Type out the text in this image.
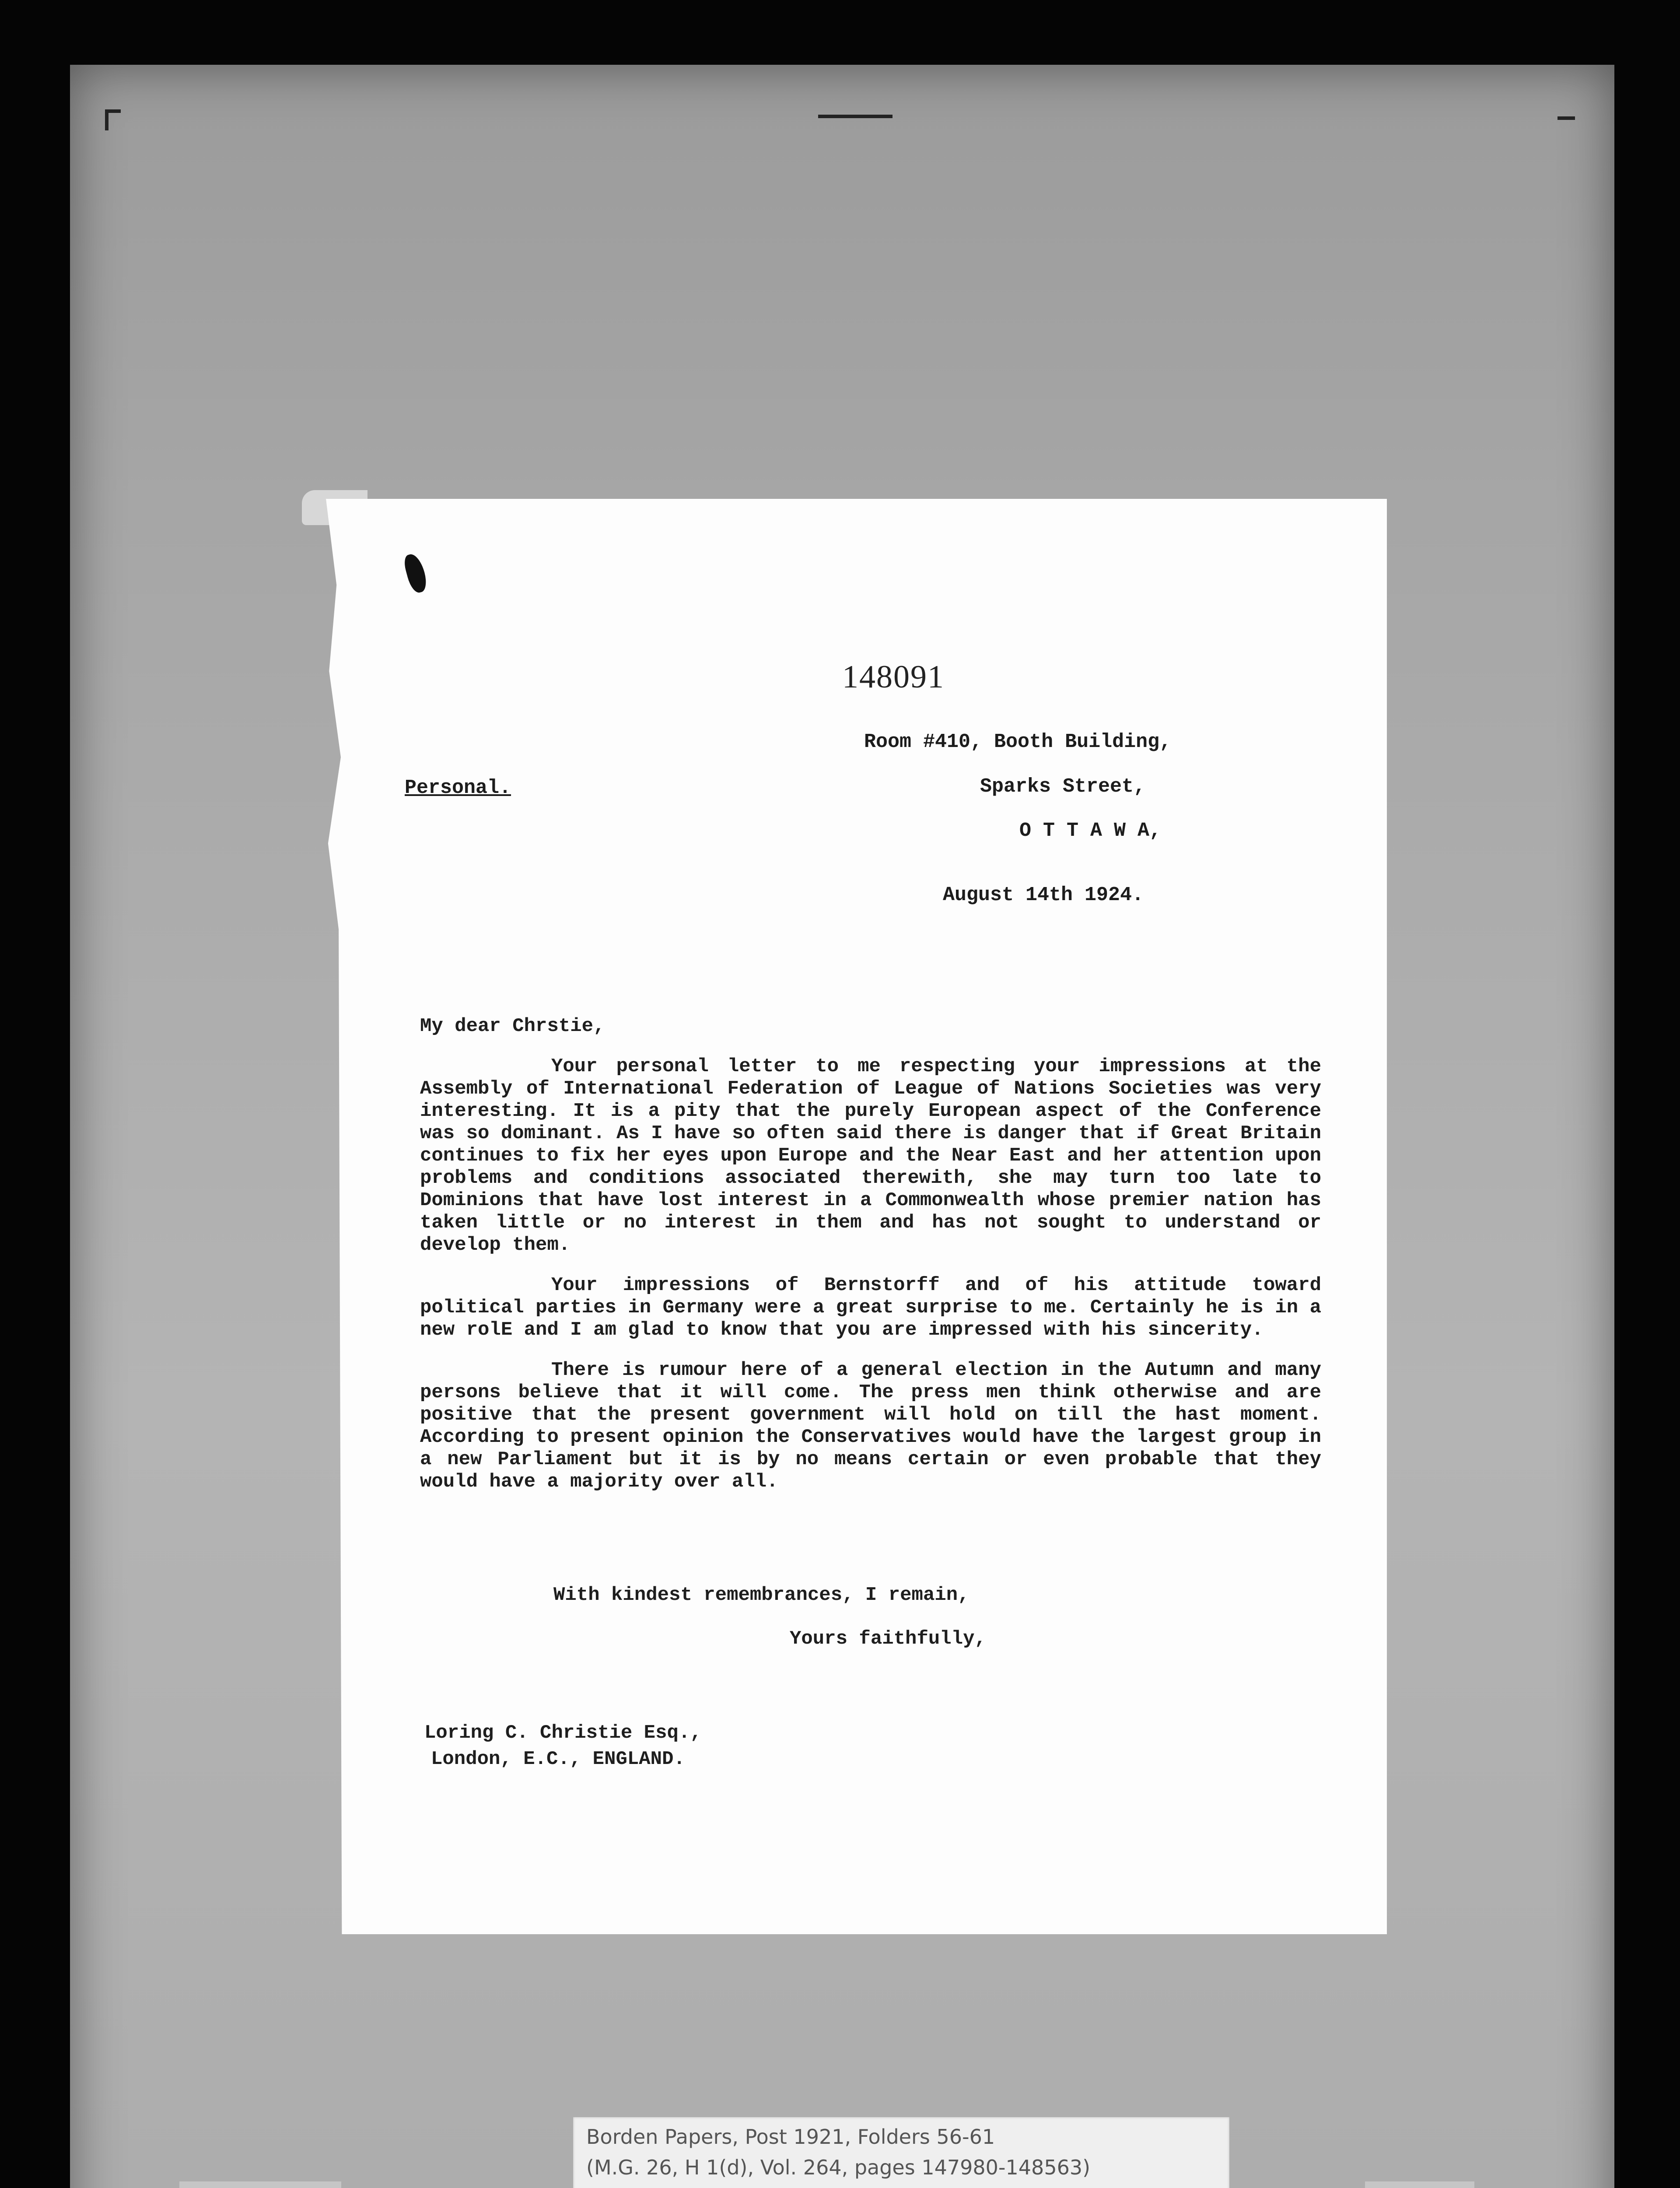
148091
Room #410, Booth Building,
Sparks Street,
O T T A W A,
Personal.
August 14th 1924.

My dear Chrstie,

Your personal letter to me respecting your impressions at the Assembly of International Federation of League of Nations Societies was very interesting. It is a pity that the purely European aspect of the Conference was so dominant. As I have so often said there is danger that if Great Britain continues to fix her eyes upon Europe and the Near East and her attention upon problems and conditions associated therewith, she may turn too late to Dominions that have lost interest in a Commonwealth whose premier nation has taken little or no interest in them and has not sought to understand or develop them.

Your impressions of Bernstorff and of his attitude toward political parties in Germany were a great surprise to me. Certainly he is in a new rolE and I am glad to know that you are impressed with his sincerity.

There is rumour here of a general election in the Autumn and many persons believe that it will come. The press men think otherwise and are positive that the present government will hold on till the hast moment. According to present opinion the Conservatives would have the largest group in a new Parliament but it is by no means certain or even probable that they would have a majority over all.

With kindest remembrances, I remain,
Yours faithfully,
Loring C. Christie Esq.,
London, E.C., ENGLAND.
Borden Papers, Post 1921, Folders 56-61
(M.G. 26, H 1(d), Vol. 264, pages 147980-148563)
